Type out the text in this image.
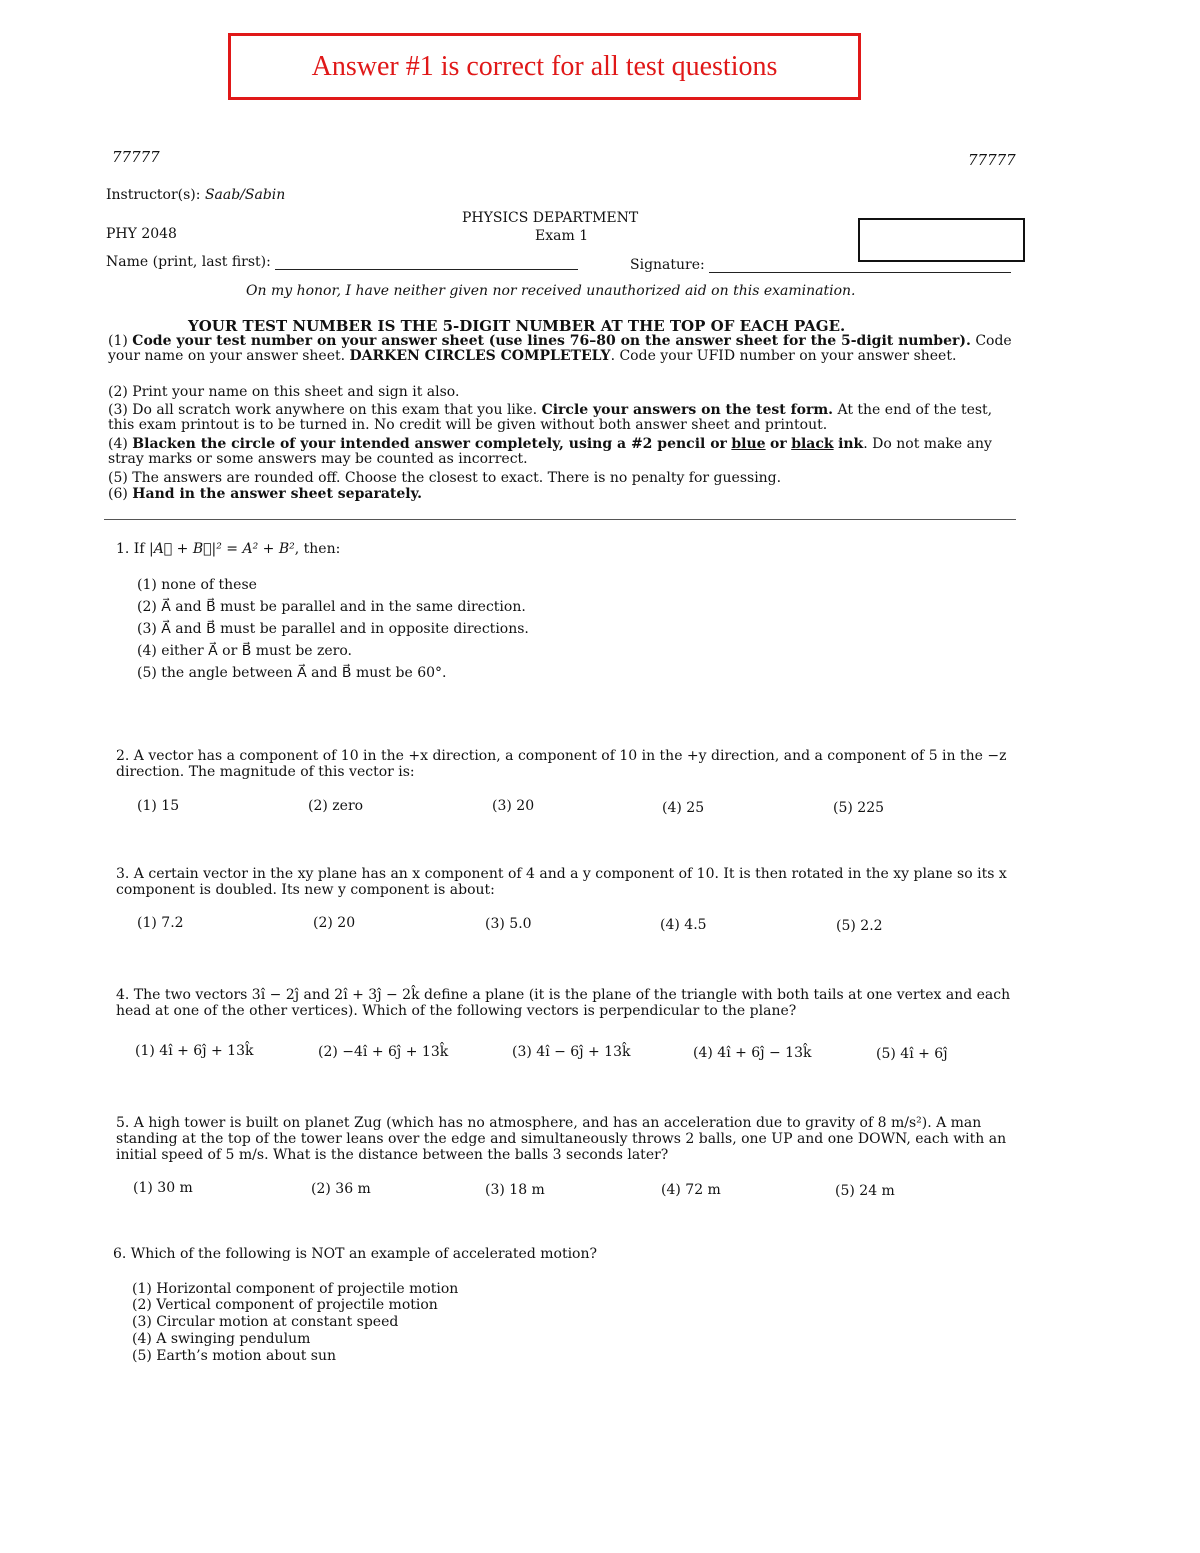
Answer #1 is correct for all test questions
77777	77777
Instructor(s): Saab/Sabin
PHYSICS DEPARTMENT
PHY 2048	Exam 1
Name (print, last first):	Signature:
On my honor, I have neither given nor received unauthorized aid on this examination.
YOUR TEST NUMBER IS THE 5-DIGIT NUMBER AT THE TOP OF EACH PAGE.
(1) Code your test number on your answer sheet (use lines 76–80 on the answer sheet for the 5-digit number). Code your name on your answer sheet. DARKEN CIRCLES COMPLETELY. Code your UFID number on your answer sheet.
(2) Print your name on this sheet and sign it also.
(3) Do all scratch work anywhere on this exam that you like. Circle your answers on the test form. At the end of the test, this exam printout is to be turned in. No credit will be given without both answer sheet and printout.
(4) Blacken the circle of your intended answer completely, using a #2 pencil or blue or black ink. Do not make any stray marks or some answers may be counted as incorrect.
(5) The answers are rounded off. Choose the closest to exact. There is no penalty for guessing.
(6) Hand in the answer sheet separately.
1. If |A⃗ + B⃗|² = A² + B², then:
(1) none of these
(2) A⃗ and B⃗ must be parallel and in the same direction.
(3) A⃗ and B⃗ must be parallel and in opposite directions.
(4) either A⃗ or B⃗ must be zero.
(5) the angle between A⃗ and B⃗ must be 60°.
2. A vector has a component of 10 in the +x direction, a component of 10 in the +y direction, and a component of 5 in the −z direction. The magnitude of this vector is:
(1) 15	(2) zero	(3) 20	(4) 25	(5) 225
3. A certain vector in the xy plane has an x component of 4 and a y component of 10. It is then rotated in the xy plane so its x component is doubled. Its new y component is about:
(1) 7.2	(2) 20	(3) 5.0	(4) 4.5	(5) 2.2
4. The two vectors 3î − 2ĵ and 2î + 3ĵ − 2k̂ define a plane (it is the plane of the triangle with both tails at one vertex and each head at one of the other vertices). Which of the following vectors is perpendicular to the plane?
(1) 4î + 6ĵ + 13k̂	(2) −4î + 6ĵ + 13k̂	(3) 4î − 6ĵ + 13k̂	(4) 4î + 6ĵ − 13k̂	(5) 4î + 6ĵ
5. A high tower is built on planet Zug (which has no atmosphere, and has an acceleration due to gravity of 8 m/s²). A man standing at the top of the tower leans over the edge and simultaneously throws 2 balls, one UP and one DOWN, each with an initial speed of 5 m/s. What is the distance between the balls 3 seconds later?
(1) 30 m	(2) 36 m	(3) 18 m	(4) 72 m	(5) 24 m
6. Which of the following is NOT an example of accelerated motion?
(1) Horizontal component of projectile motion
(2) Vertical component of projectile motion
(3) Circular motion at constant speed
(4) A swinging pendulum
(5) Earth’s motion about sun
